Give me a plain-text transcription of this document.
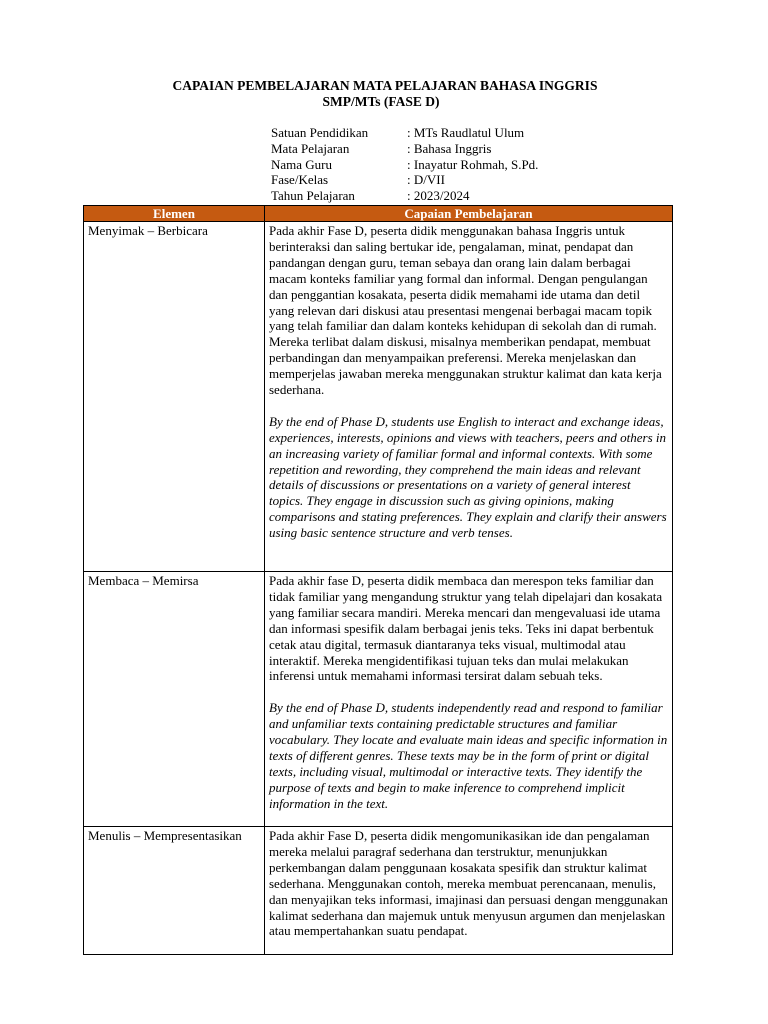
CAPAIAN PEMBELAJARAN MATA PELAJARAN BAHASA INGGRIS
SMP/MTs (FASE D)
Satuan Pendidikan	: MTs Raudlatul Ulum
Mata Pelajaran	: Bahasa Inggris
Nama Guru	: Inayatur Rohmah, S.Pd.
Fase/Kelas	: D/VII
Tahun Pelajaran	: 2023/2024
Elemen	Capaian Pembelajaran
Menyimak – Berbicara	Pada akhir Fase D, peserta didik menggunakan bahasa Inggris untuk berinteraksi dan saling bertukar ide, pengalaman, minat, pendapat dan pandangan dengan guru, teman sebaya dan orang lain dalam berbagai macam konteks familiar yang formal dan informal. Dengan pengulangan dan penggantian kosakata, peserta didik memahami ide utama dan detil yang relevan dari diskusi atau presentasi mengenai berbagai macam topik yang telah familiar dan dalam konteks kehidupan di sekolah dan di rumah. Mereka terlibat dalam diskusi, misalnya memberikan pendapat, membuat perbandingan dan menyampaikan preferensi. Mereka menjelaskan dan memperjelas jawaban mereka menggunakan struktur kalimat dan kata kerja sederhana.

By the end of Phase D, students use English to interact and exchange ideas, experiences, interests, opinions and views with teachers, peers and others in an increasing variety of familiar formal and informal contexts. With some repetition and rewording, they comprehend the main ideas and relevant details of discussions or presentations on a variety of general interest topics. They engage in discussion such as giving opinions, making comparisons and stating preferences. They explain and clarify their answers using basic sentence structure and verb tenses.

Membaca – Memirsa	Pada akhir fase D, peserta didik membaca dan merespon teks familiar dan tidak familiar yang mengandung struktur yang telah dipelajari dan kosakata yang familiar secara mandiri. Mereka mencari dan mengevaluasi ide utama dan informasi spesifik dalam berbagai jenis teks. Teks ini dapat berbentuk cetak atau digital, termasuk diantaranya teks visual, multimodal atau interaktif. Mereka mengidentifikasi tujuan teks dan mulai melakukan inferensi untuk memahami informasi tersirat dalam sebuah teks.

By the end of Phase D, students independently read and respond to familiar and unfamiliar texts containing predictable structures and familiar vocabulary. They locate and evaluate main ideas and specific information in texts of different genres. These texts may be in the form of print or digital texts, including visual, multimodal or interactive texts. They identify the purpose of texts and begin to make inference to comprehend implicit information in the text.

Menulis – Mempresentasikan	Pada akhir Fase D, peserta didik mengomunikasikan ide dan pengalaman mereka melalui paragraf sederhana dan terstruktur, menunjukkan perkembangan dalam penggunaan kosakata spesifik dan struktur kalimat sederhana. Menggunakan contoh, mereka membuat perencanaan, menulis, dan menyajikan teks informasi, imajinasi dan persuasi dengan menggunakan kalimat sederhana dan majemuk untuk menyusun argumen dan menjelaskan atau mempertahankan suatu pendapat.
